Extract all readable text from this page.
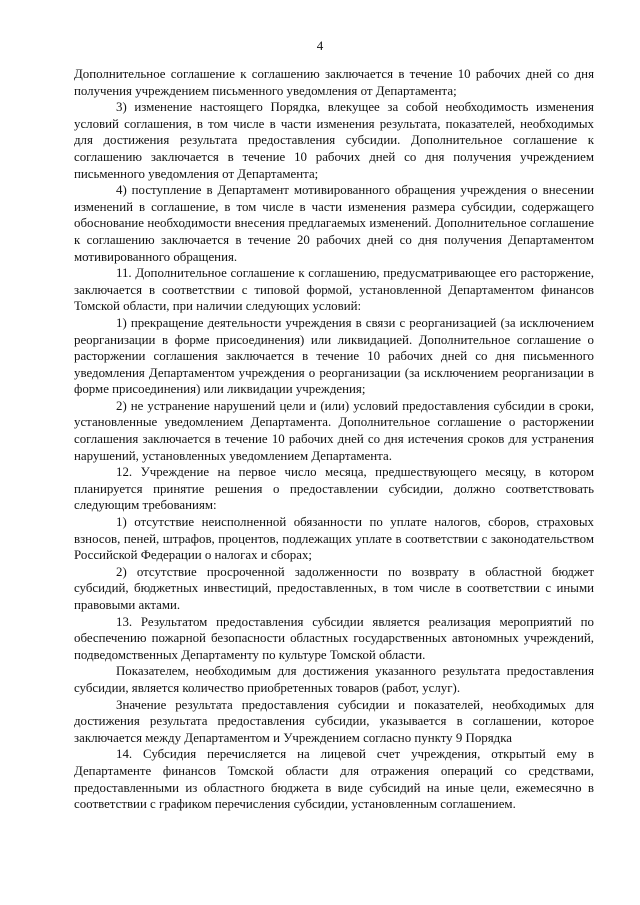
4

Дополнительное соглашение к соглашению заключается в течение 10 рабочих дней со дня получения учреждением письменного уведомления от Департамента;

3) изменение настоящего Порядка, влекущее за собой необходимость изменения условий соглашения, в том числе в части изменения результата, показателей, необходимых для достижения результата предоставления субсидии. Дополнительное соглашение к соглашению заключается в течение 10 рабочих дней со дня получения учреждением письменного уведомления от Департамента;

4) поступление в Департамент мотивированного обращения учреждения о внесении изменений в соглашение, в том числе в части изменения размера субсидии, содержащего обоснование необходимости внесения предлагаемых изменений. Дополнительное соглашение к соглашению заключается в течение 20 рабочих дней со дня получения Департаментом мотивированного обращения.

11. Дополнительное соглашение к соглашению, предусматривающее его расторжение, заключается в соответствии с типовой формой, установленной Департаментом финансов Томской области, при наличии следующих условий:

1) прекращение деятельности учреждения в связи с реорганизацией (за исключением реорганизации в форме присоединения) или ликвидацией. Дополнительное соглашение о расторжении соглашения заключается в течение 10 рабочих дней со дня письменного уведомления Департаментом учреждения о реорганизации (за исключением реорганизации в форме присоединения) или ликвидации учреждения;

2) не устранение нарушений цели и (или) условий предоставления субсидии в сроки, установленные уведомлением Департамента. Дополнительное соглашение о расторжении соглашения заключается в течение 10 рабочих дней со дня истечения сроков для устранения нарушений, установленных уведомлением Департамента.

12. Учреждение на первое число месяца, предшествующего месяцу, в котором планируется принятие решения о предоставлении субсидии, должно соответствовать следующим требованиям:

1) отсутствие неисполненной обязанности по уплате налогов, сборов, страховых взносов, пеней, штрафов, процентов, подлежащих уплате в соответствии с законодательством Российской Федерации о налогах и сборах;

2) отсутствие просроченной задолженности по возврату в областной бюджет субсидий, бюджетных инвестиций, предоставленных, в том числе в соответствии с иными правовыми актами.

13. Результатом предоставления субсидии является реализация мероприятий по обеспечению пожарной безопасности областных государственных автономных учреждений, подведомственных Департаменту по культуре Томской области.

Показателем, необходимым для достижения указанного результата предоставления субсидии, является количество приобретенных товаров (работ, услуг).

Значение результата предоставления субсидии и показателей, необходимых для достижения результата предоставления субсидии, указывается в соглашении, которое заключается между Департаментом и Учреждением согласно пункту 9 Порядка

14. Субсидия перечисляется на лицевой счет учреждения, открытый ему в Департаменте финансов Томской области для отражения операций со средствами, предоставленными из областного бюджета в виде субсидий на иные цели, ежемесячно в соответствии с графиком перечисления субсидии, установленным соглашением.
